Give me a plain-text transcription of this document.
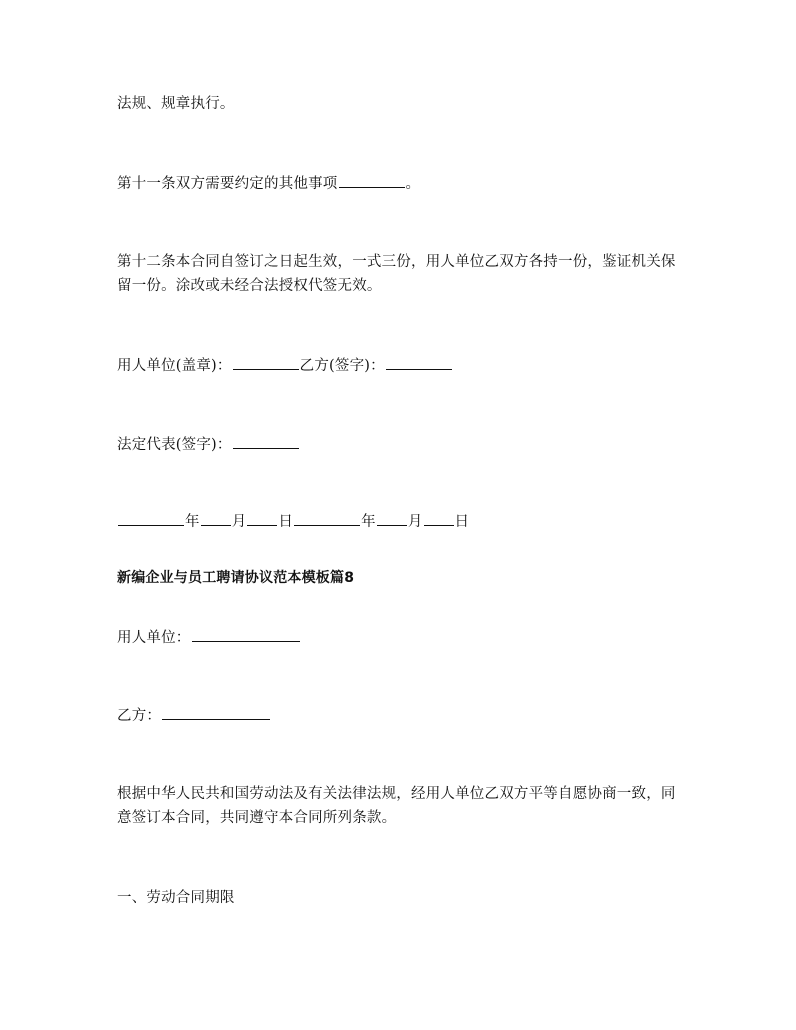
法规、规章执行。
第十一条双方需要约定的其他事项	。
第十二条本合同自签订之日起生效，一式三份，用人单位乙双方各持一份，鉴证机关保留一份。涂改或未经合法授权代签无效。
用人单位(盖章)：	乙方(签字)：
法定代表(签字)：
年 月 日	年 月 日
新编企业与员工聘请协议范本模板篇8
用人单位：
乙方：
根据中华人民共和国劳动法及有关法律法规，经用人单位乙双方平等自愿协商一致，同意签订本合同，共同遵守本合同所列条款。
一、劳动合同期限
